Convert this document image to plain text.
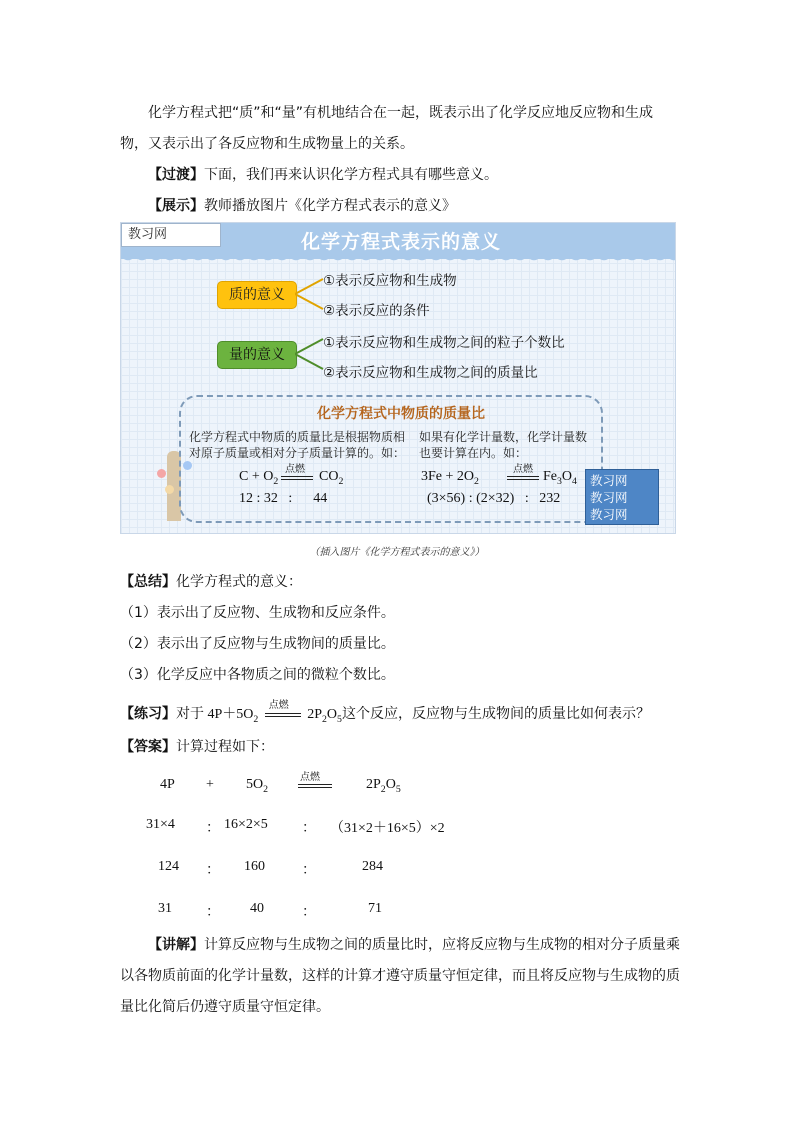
化学方程式把“质”和“量”有机地结合在一起，既表示出了化学反应地反应物和生成
物，又表示出了各反应物和生成物量上的关系。
【过渡】下面，我们再来认识化学方程式具有哪些意义。
【展示】教师播放图片《化学方程式表示的意义》
教习网	化学方程式表示的意义
质的意义
①表示反应物和生成物
②表示反应的条件
量的意义
①表示反应物和生成物之间的粒子个数比
②表示反应物和生成物之间的质量比
化学方程式中物质的质量比
化学方程式中物质的质量比是根据物质相
对原子质量或相对分子质量计算的。如：
如果有化学计量数，化学计量数
也要计算在内。如：
$C + O_2$
点燃 $CO_2$
12 : 32   :      44
$3Fe + 2O_2$
点燃 $Fe_3O_4$
(3×56) : (2×32)   :   232
教习网
教习网
教习网
（插入图片《化学方程式表示的意义》）
【总结】化学方程式的意义：
（1）表示出了反应物、生成物和反应条件。
（2）表示出了反应物与生成物间的质量比。
（3）化学反应中各物质之间的微粒个数比。
【练习】对于 $4P+5O_2$
点燃
$2P_2O_5$这个反应，反应物与生成物间的质量比如何表示？
【答案】计算过程如下：
$4P + 5O_2$
点燃	$2P_2O_5$
31×4 ： 16×2×5 ： （31×2＋16×5）×2
124 ： 160	：	284
31 ： 40	：	71
【讲解】计算反应物与生成物之间的质量比时，应将反应物与生成物的相对分子质量乘
以各物质前面的化学计量数，这样的计算才遵守质量守恒定律，而且将反应物与生成物的质
量比化简后仍遵守质量守恒定律。
